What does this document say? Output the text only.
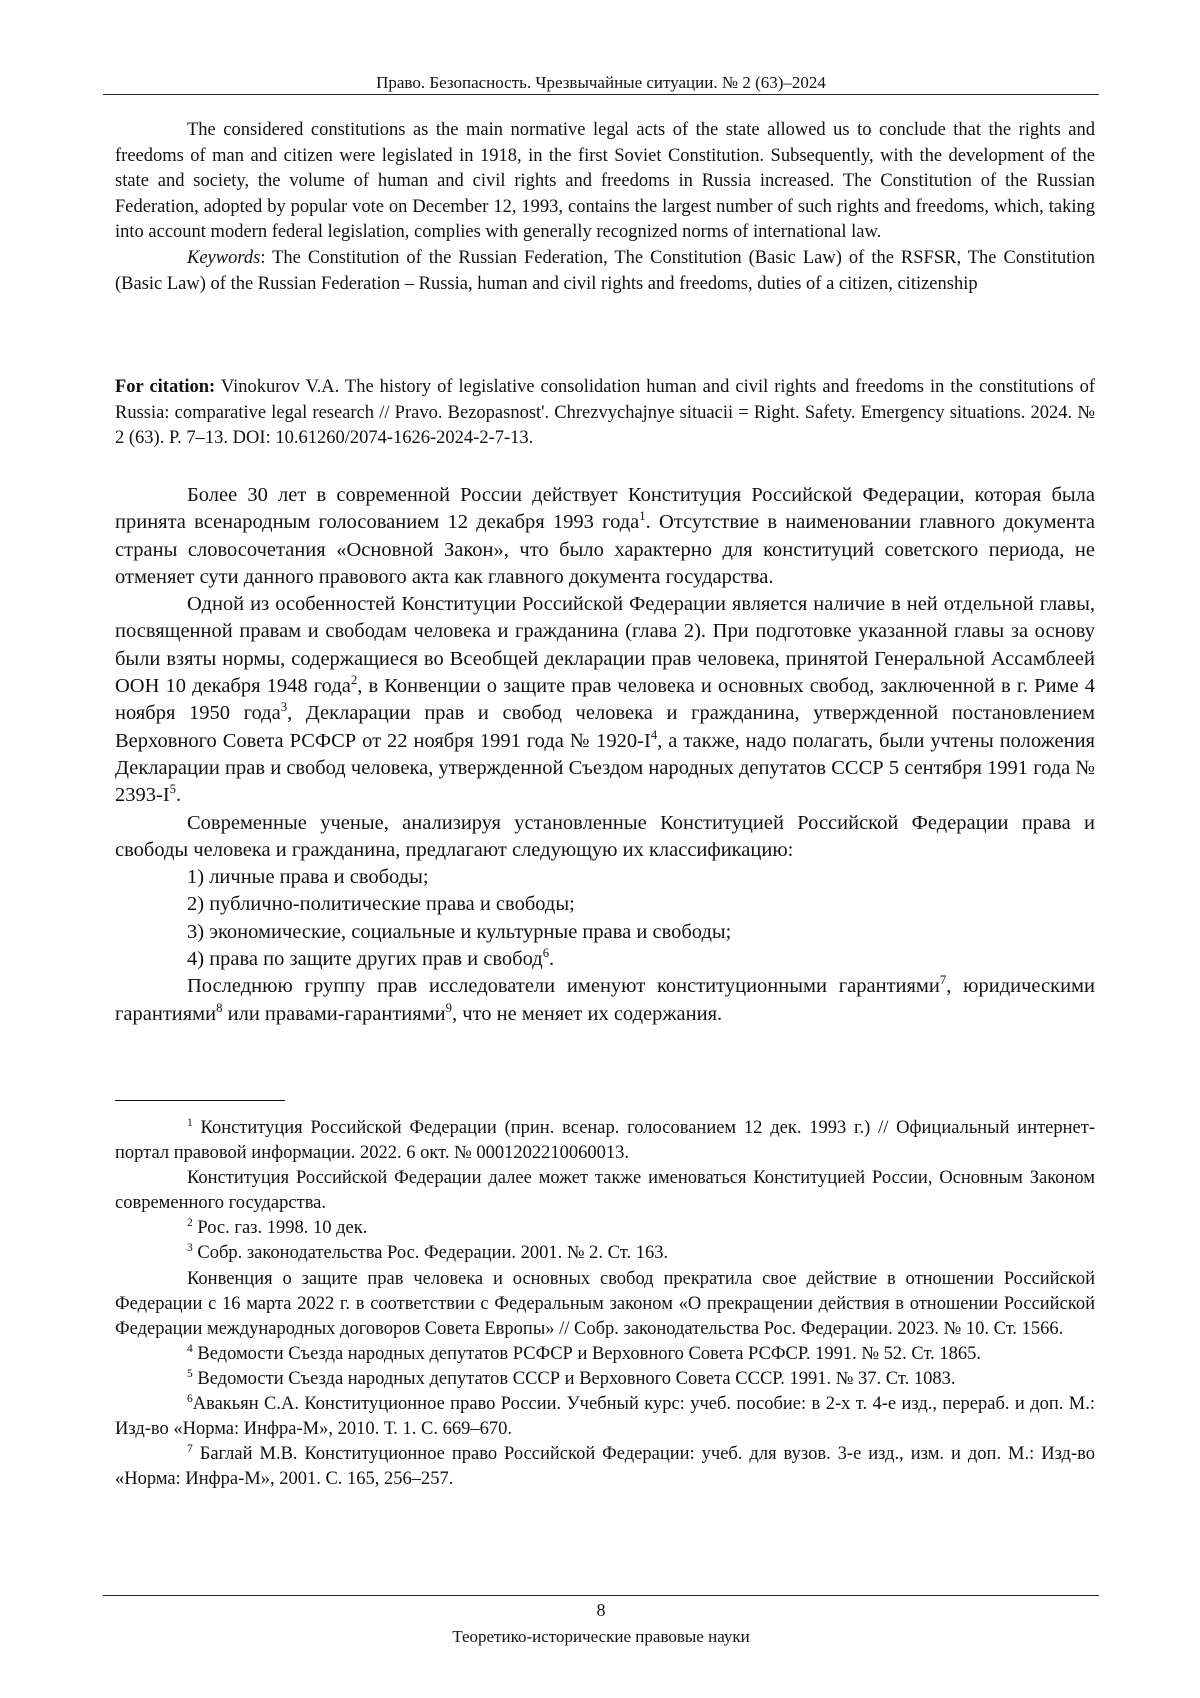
Право. Безопасность. Чрезвычайные ситуации. № 2 (63)–2024

The considered constitutions as the main normative legal acts of the state allowed us to conclude that the rights and freedoms of man and citizen were legislated in 1918, in the first Soviet Constitution. Subsequently, with the development of the state and society, the volume of human and civil rights and freedoms in Russia increased. The Constitution of the Russian Federation, adopted by popular vote on December 12, 1993, contains the largest number of such rights and freedoms, which, taking into account modern federal legislation, complies with generally recognized norms of international law.

Keywords: The Constitution of the Russian Federation, The Constitution (Basic Law) of the RSFSR, The Constitution (Basic Law) of the Russian Federation – Russia, human and civil rights and freedoms, duties of a citizen, citizenship

For citation: Vinokurov V.A. The history of legislative consolidation human and civil rights and freedoms in the constitutions of Russia: comparative legal research // Pravo. Bezopasnost'. Chrezvychajnye situacii = Right. Safety. Emergency situations. 2024. № 2 (63). P. 7–13. DOI: 10.61260/2074-1626-2024-2-7-13.

Более 30 лет в современной России действует Конституция Российской Федерации, которая была принята всенародным голосованием 12 декабря 1993 года$^1$. Отсутствие в наименовании главного документа страны словосочетания «Основной Закон», что было характерно для конституций советского периода, не отменяет сути данного правового акта как главного документа государства.

Одной из особенностей Конституции Российской Федерации является наличие в ней отдельной главы, посвященной правам и свободам человека и гражданина (глава 2). При подготовке указанной главы за основу были взяты нормы, содержащиеся во Всеобщей декларации прав человека, принятой Генеральной Ассамблеей ООН 10 декабря 1948 года$^2$, в Конвенции о защите прав человека и основных свобод, заключенной в г. Риме 4 ноября 1950 года$^3$, Декларации прав и свобод человека и гражданина, утвержденной постановлением Верховного Совета РСФСР от 22 ноября 1991 года № $1920-I^4$, а также, надо полагать, были учтены положения Декларации прав и свобод человека, утвержденной Съездом народных депутатов СССР 5 сентября 1991 года № $2393-I^5$.

Современные ученые, анализируя установленные Конституцией Российской Федерации права и свободы человека и гражданина, предлагают следующую их классификацию:

1) личные права и свободы;

2) публично-политические права и свободы;

3) экономические, социальные и культурные права и свободы;

4) права по защите других прав и свобод$^6$.

Последнюю группу прав исследователи именуют конституционными гарантиями$^7$, юридическими гарантиями$^8$ или правами-гарантиями$^9$, что не меняет их содержания.

$^1$ Конституция Российской Федерации (прин. всенар. голосованием 12 дек. 1993 г.) // Официальный интернет-портал правовой информации. 2022. 6 окт. № 0001202210060013.

Конституция Российской Федерации далее может также именоваться Конституцией России, Основным Законом современного государства.

$^2$ Рос. газ. 1998. 10 дек.

$^3$ Собр. законодательства Рос. Федерации. 2001. № 2. Ст. 163.

Конвенция о защите прав человека и основных свобод прекратила свое действие в отношении Российской Федерации с 16 марта 2022 г. в соответствии с Федеральным законом «О прекращении действия в отношении Российской Федерации международных договоров Совета Европы» // Собр. законодательства Рос. Федерации. 2023. № 10. Ст. 1566.

$^4$ Ведомости Съезда народных депутатов РСФСР и Верховного Совета РСФСР. 1991. № 52. Ст. 1865.

$^5$ Ведомости Съезда народных депутатов СССР и Верховного Совета СССР. 1991. № 37. Ст. 1083.

$^6$Авакьян С.А. Конституционное право России. Учебный курс: учеб. пособие: в 2-х т. 4-е изд., перераб. и доп. М.: Изд-во «Норма: Инфра-М», 2010. Т. 1. С. 669–670.

$^7$ Баглай М.В. Конституционное право Российской Федерации: учеб. для вузов. 3-е изд., изм. и доп. М.: Изд-во «Норма: Инфра-М», 2001. С. 165, 256–257.

8
Теоретико-исторические правовые науки
